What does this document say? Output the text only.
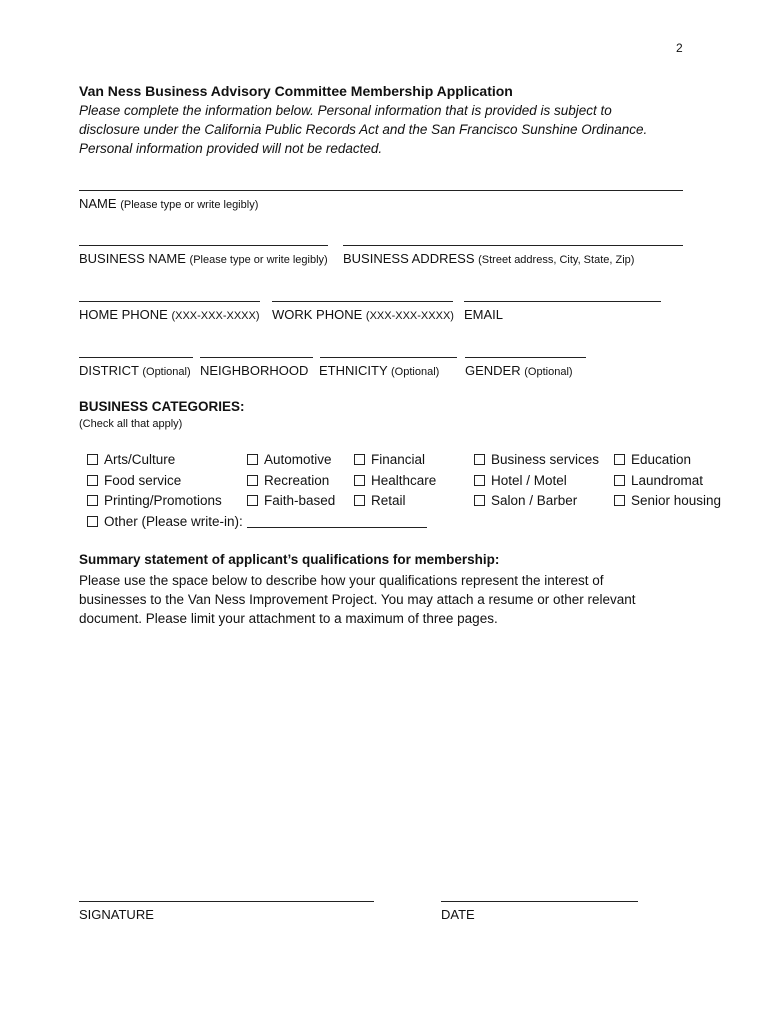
2
Van Ness Business Advisory Committee Membership Application
Please complete the information below. Personal information that is provided is subject to
disclosure under the California Public Records Act and the San Francisco Sunshine Ordinance.
Personal information provided will not be redacted.
NAME (Please type or write legibly)
BUSINESS NAME (Please type or write legibly) BUSINESS ADDRESS (Street address, City, State, Zip)
HOME PHONE (XXX-XXX-XXXX) WORK PHONE (XXX-XXX-XXXX) EMAIL
DISTRICT (Optional) NEIGHBORHOOD ETHNICITY (Optional) GENDER (Optional)
BUSINESS CATEGORIES:
(Check all that apply)
Arts/Culture
Food service
Printing/Promotions
Automotive
Recreation
Faith-based
Financial
Healthcare
Retail
Business services
Hotel / Motel
Salon / Barber
Education
Laundromat
Senior housing
Other (Please write-in):
Summary statement of applicant’s qualifications for membership:
Please use the space below to describe how your qualifications represent the interest of
businesses to the Van Ness Improvement Project. You may attach a resume or other relevant
document. Please limit your attachment to a maximum of three pages.
SIGNATURE	DATE
